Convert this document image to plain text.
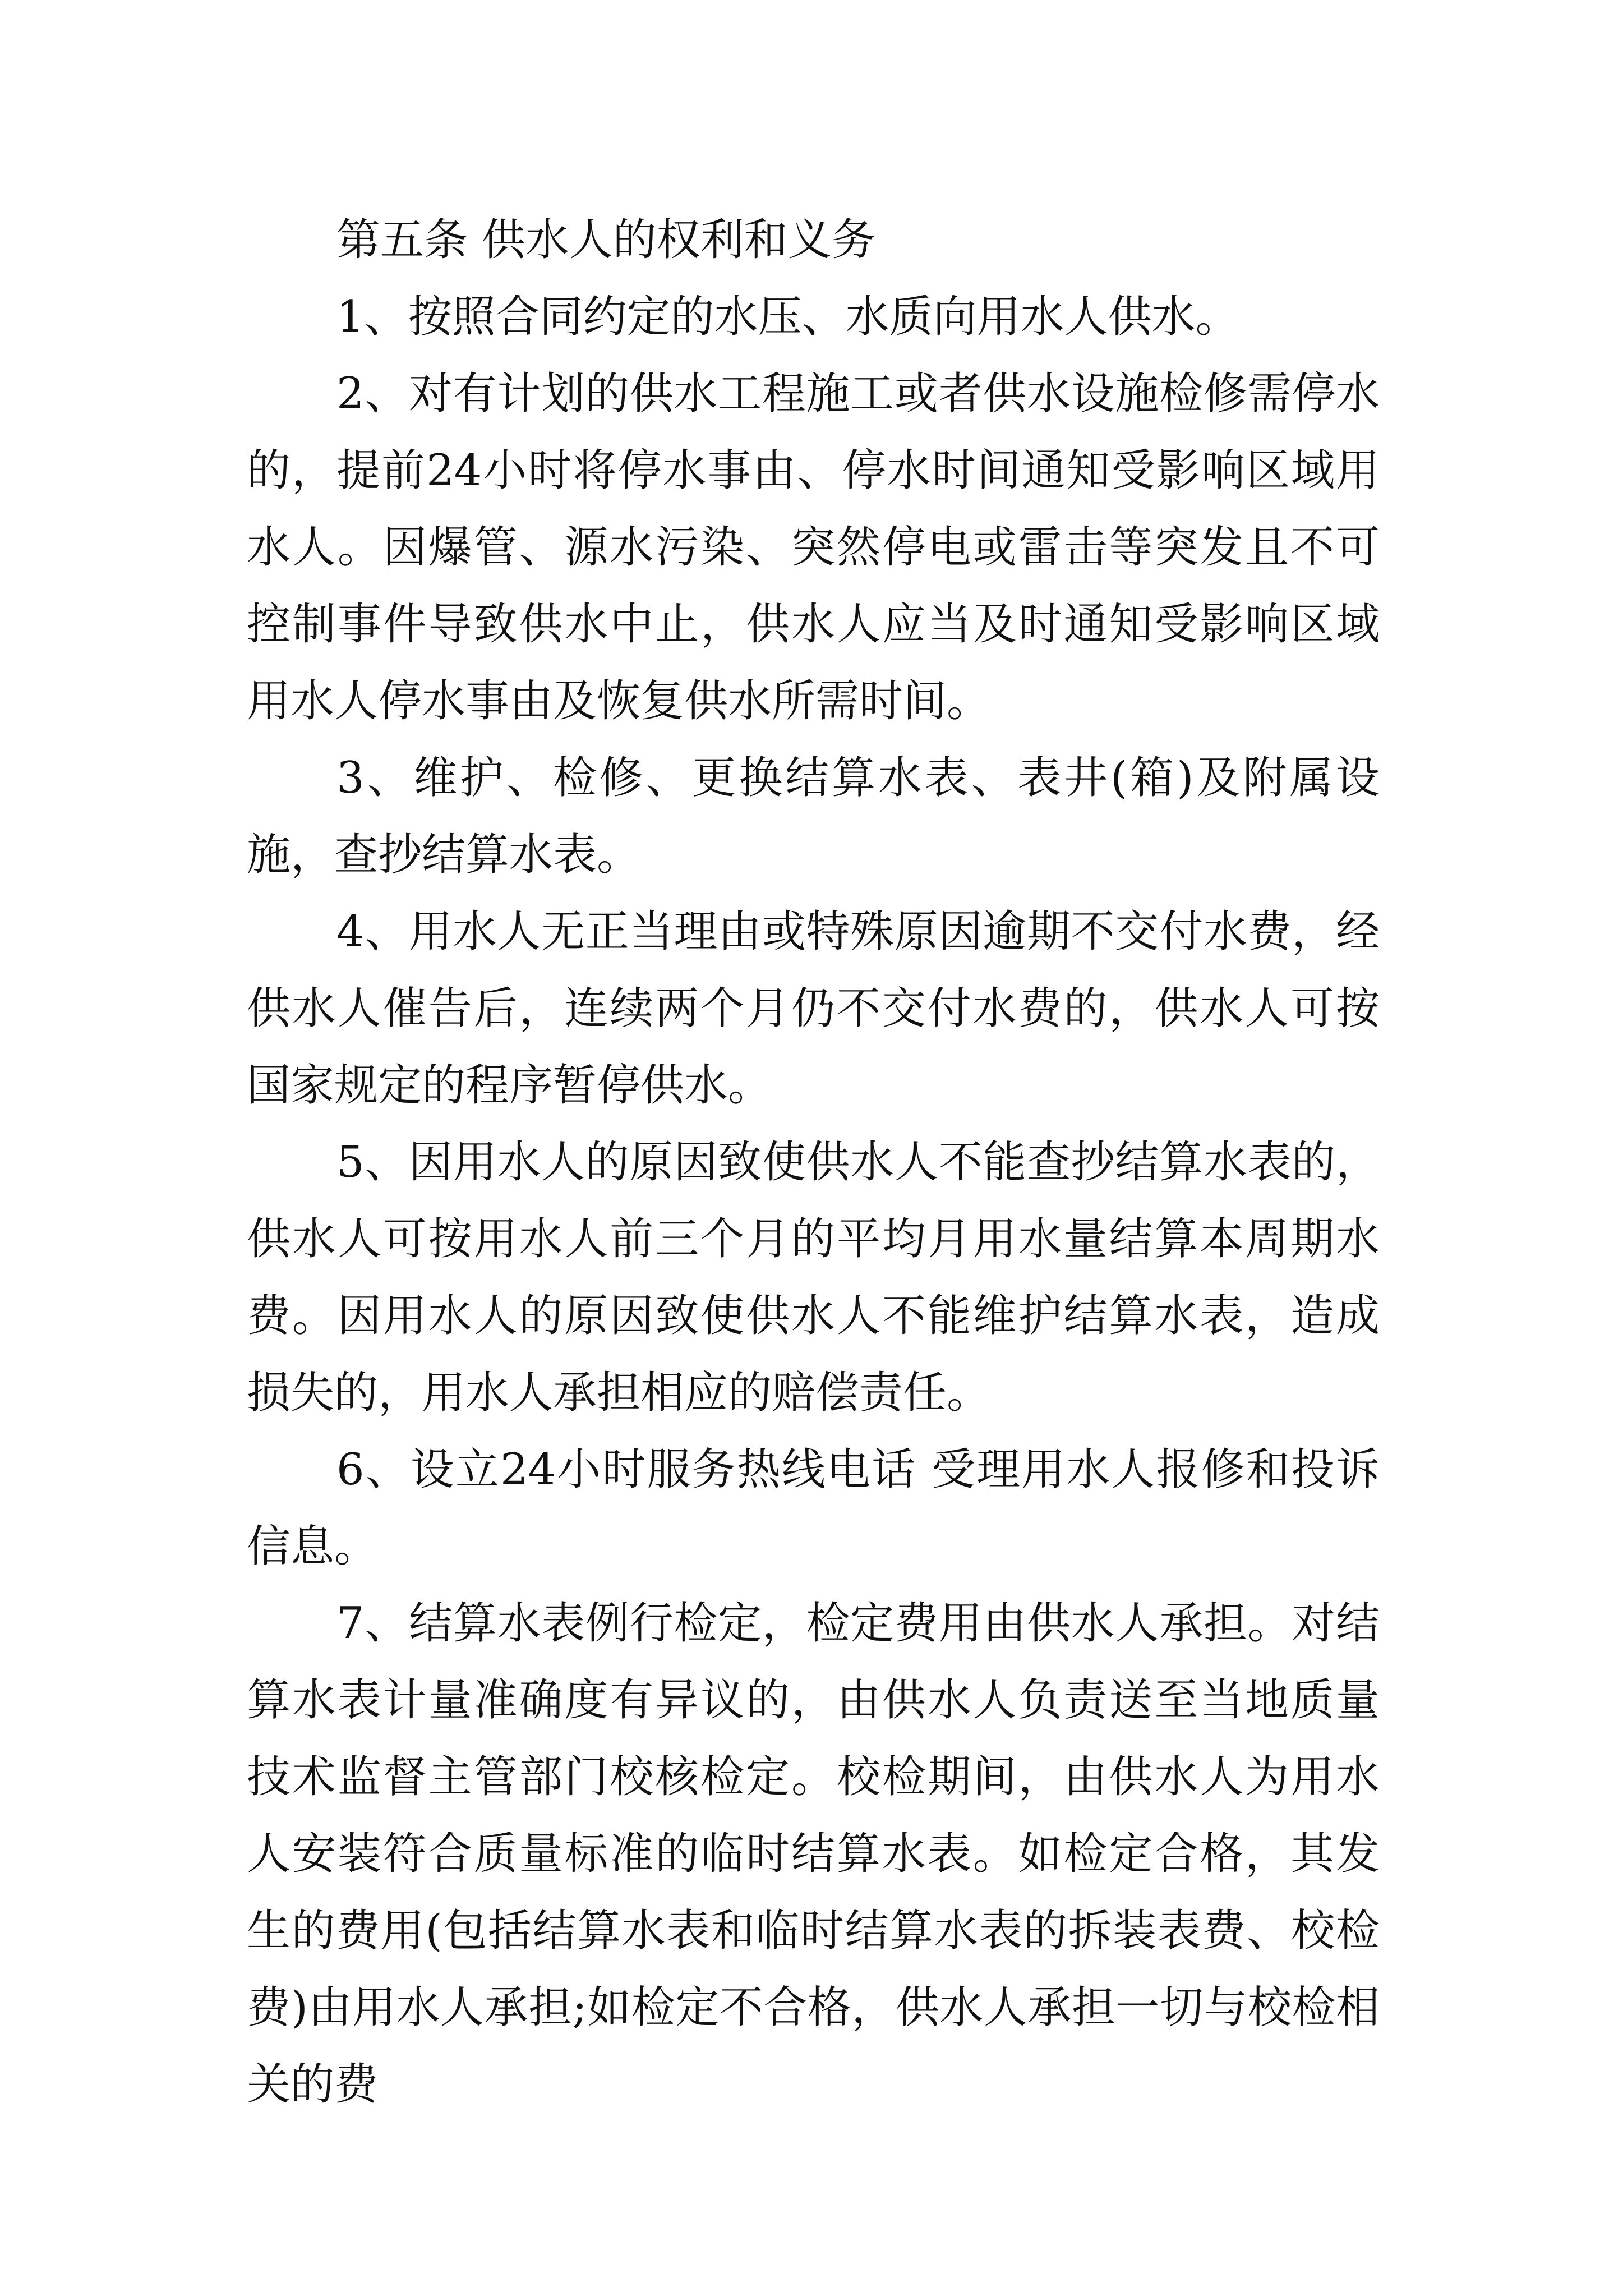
第五条 供水人的权利和义务

1、按照合同约定的水压、水质向用水人供水。

2、对有计划的供水工程施工或者供水设施检修需停水的，提前24小时将停水事由、停水时间通知受影响区域用水人。因爆管、源水污染、突然停电或雷击等突发且不可控制事件导致供水中止，供水人应当及时通知受影响区域用水人停水事由及恢复供水所需时间。

3、维护、检修、更换结算水表、表井(箱)及附属设施，查抄结算水表。

4、用水人无正当理由或特殊原因逾期不交付水费，经供水人催告后，连续两个月仍不交付水费的，供水人可按国家规定的程序暂停供水。

5、因用水人的原因致使供水人不能查抄结算水表的，供水人可按用水人前三个月的平均月用水量结算本周期水费。因用水人的原因致使供水人不能维护结算水表，造成损失的，用水人承担相应的赔偿责任。

6、设立24小时服务热线电话 受理用水人报修和投诉信息。

7、结算水表例行检定，检定费用由供水人承担。对结算水表计量准确度有异议的，由供水人负责送至当地质量技术监督主管部门校核检定。校检期间，由供水人为用水人安装符合质量标准的临时结算水表。如检定合格，其发生的费用(包括结算水表和临时结算水表的拆装表费、校检费)由用水人承担;如检定不合格，供水人承担一切与校检相关的费
